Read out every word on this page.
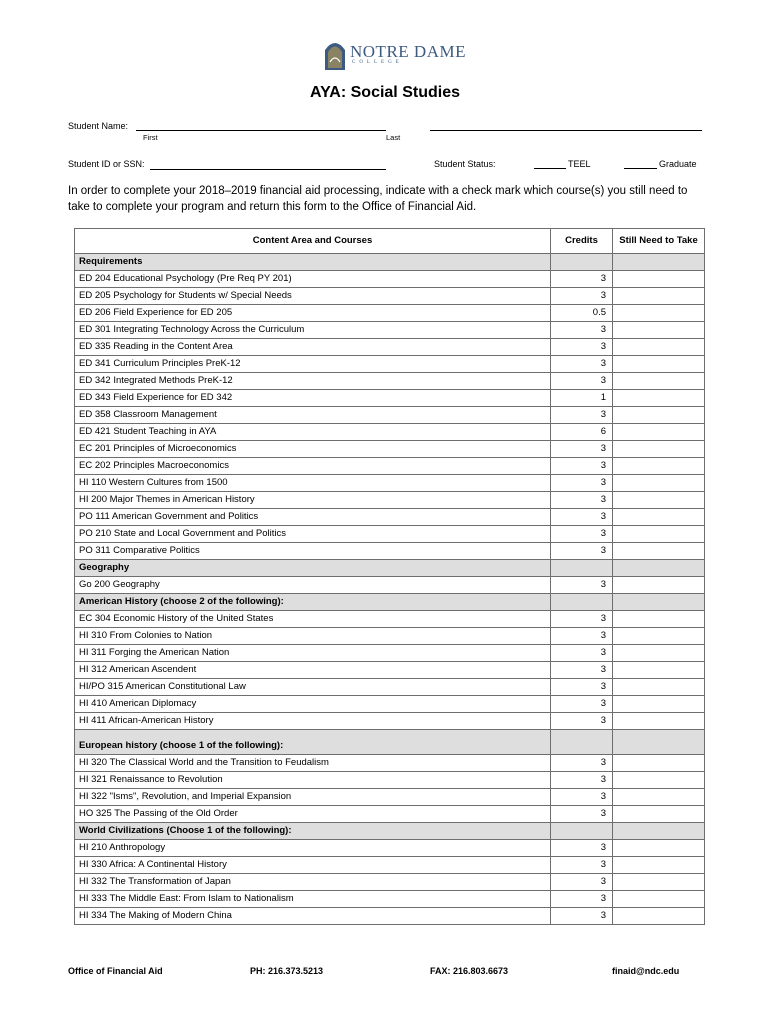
NOTRE DAME
COLLEGE
AYA: Social Studies
Student Name:
First	Last
Student ID or SSN:	Student Status:	TEEL	Graduate
In order to complete your 2018–2019 financial aid processing, indicate with a check mark which course(s) you still need to take to complete your program and return this form to the Office of Financial Aid.
Content Area and Courses	Credits	Still Need to Take
Requirements		
ED 204 Educational Psychology (Pre Req PY 201)	3	
ED 205 Psychology for Students w/ Special Needs	3	
ED 206 Field Experience for ED 205	0.5	
ED 301 Integrating Technology Across the Curriculum	3	
ED 335 Reading in the Content Area	3	
ED 341 Curriculum Principles PreK-12	3	
ED 342 Integrated Methods PreK-12	3	
ED 343 Field Experience for ED 342	1	
ED 358 Classroom Management	3	
ED 421 Student Teaching in AYA	6	
EC 201 Principles of Microeconomics	3	
EC 202 Principles Macroeconomics	3	
HI 110 Western Cultures from 1500	3	
HI 200 Major Themes in American History	3	
PO 111 American Government and Politics	3	
PO 210 State and Local Government and Politics	3	
PO 311 Comparative Politics	3	
Geography		
Go 200 Geography	3	
American History (choose 2 of the following):		
EC 304 Economic History of the United States	3	
HI 310 From Colonies to Nation	3	
HI 311 Forging the American Nation	3	
HI 312 American Ascendent	3	
HI/PO 315 American Constitutional Law	3	
HI 410 American Diplomacy	3	
HI 411 African-American History	3	
European history (choose 1 of the following):		
HI 320 The Classical World and the Transition to Feudalism	3	
HI 321 Renaissance to Revolution	3	
HI 322 "Isms", Revolution, and Imperial Expansion	3	
HO 325 The Passing of the Old Order	3	
World Civilizations (Choose 1 of the following):		
HI 210 Anthropology	3	
HI 330 Africa: A Continental History	3	
HI 332 The Transformation of Japan	3	
HI 333 The Middle East: From Islam to Nationalism	3	
HI 334 The Making of Modern China	3	
Office of Financial Aid	PH: 216.373.5213	FAX: 216.803.6673	finaid@ndc.edu
